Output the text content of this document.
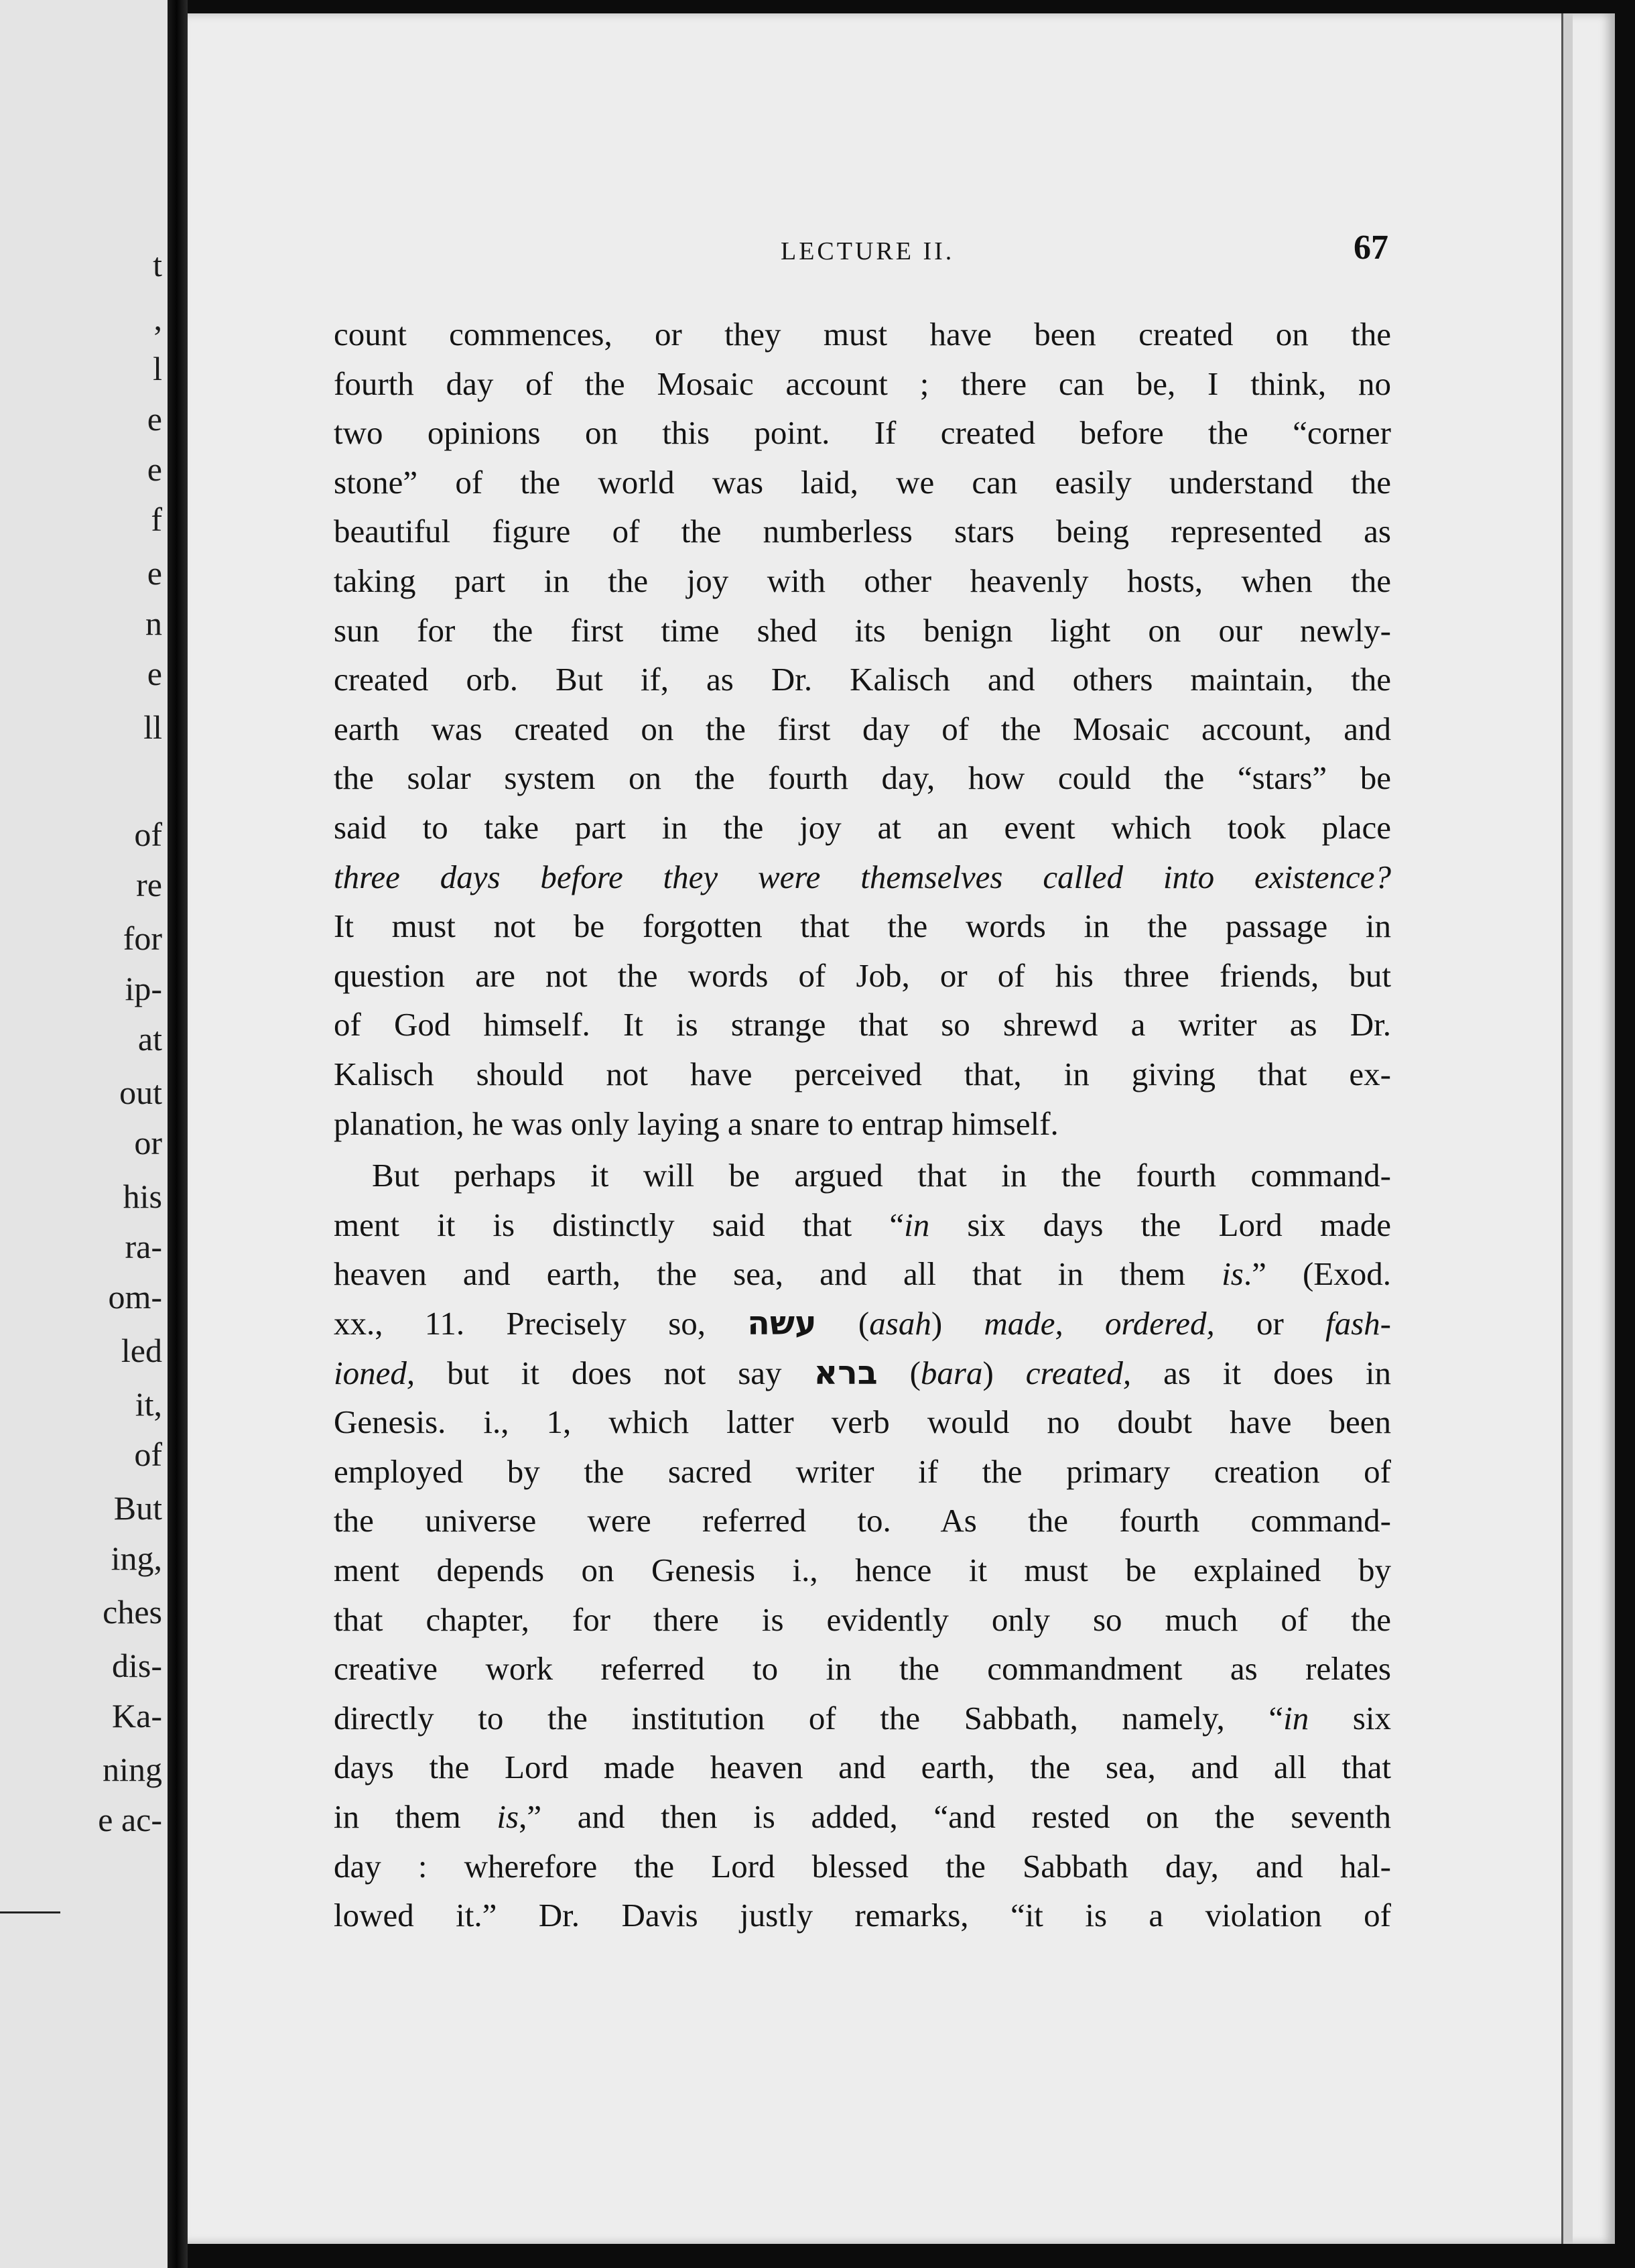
t
,
l
e
e
f
e
n
e
ll
of
re
for
ip-
at
out
or
his
ra-
om-
led
it,
of
But
ing,
ches
dis-
Ka-
ning
e ac-
LECTURE II.	67
count commences, or they must have been created on the
fourth day of the Mosaic account ; there can be, I think, no
two opinions on this point. If created before the “corner
stone” of the world was laid, we can easily understand the
beautiful figure of the numberless stars being represented as
taking part in the joy with other heavenly hosts, when the
sun for the first time shed its benign light on our newly-
created orb. But if, as Dr. Kalisch and others maintain, the
earth was created on the first day of the Mosaic account, and
the solar system on the fourth day, how could the “stars” be
said to take part in the joy at an event which took place
three days before they were themselves called into existence?
It must not be forgotten that the words in the passage in
question are not the words of Job, or of his three friends, but
of God himself. It is strange that so shrewd a writer as Dr.
Kalisch should not have perceived that, in giving that ex-
planation, he was only laying a snare to entrap himself.
But perhaps it will be argued that in the fourth command-
ment it is distinctly said that “in six days the Lord made
heaven and earth, the sea, and all that in them is.” (Exod.
xx., 11. Precisely so, עשה (asah) made, ordered, or fash-
ioned, but it does not say ברא (bara) created, as it does in
Genesis. i., 1, which latter verb would no doubt have been
employed by the sacred writer if the primary creation of
the universe were referred to. As the fourth command-
ment depends on Genesis i., hence it must be explained by
that chapter, for there is evidently only so much of the
creative work referred to in the commandment as relates
directly to the institution of the Sabbath, namely, “in six
days the Lord made heaven and earth, the sea, and all that
in them is,” and then is added, “and rested on the seventh
day : wherefore the Lord blessed the Sabbath day, and hal-
lowed it.” Dr. Davis justly remarks, “it is a violation of
